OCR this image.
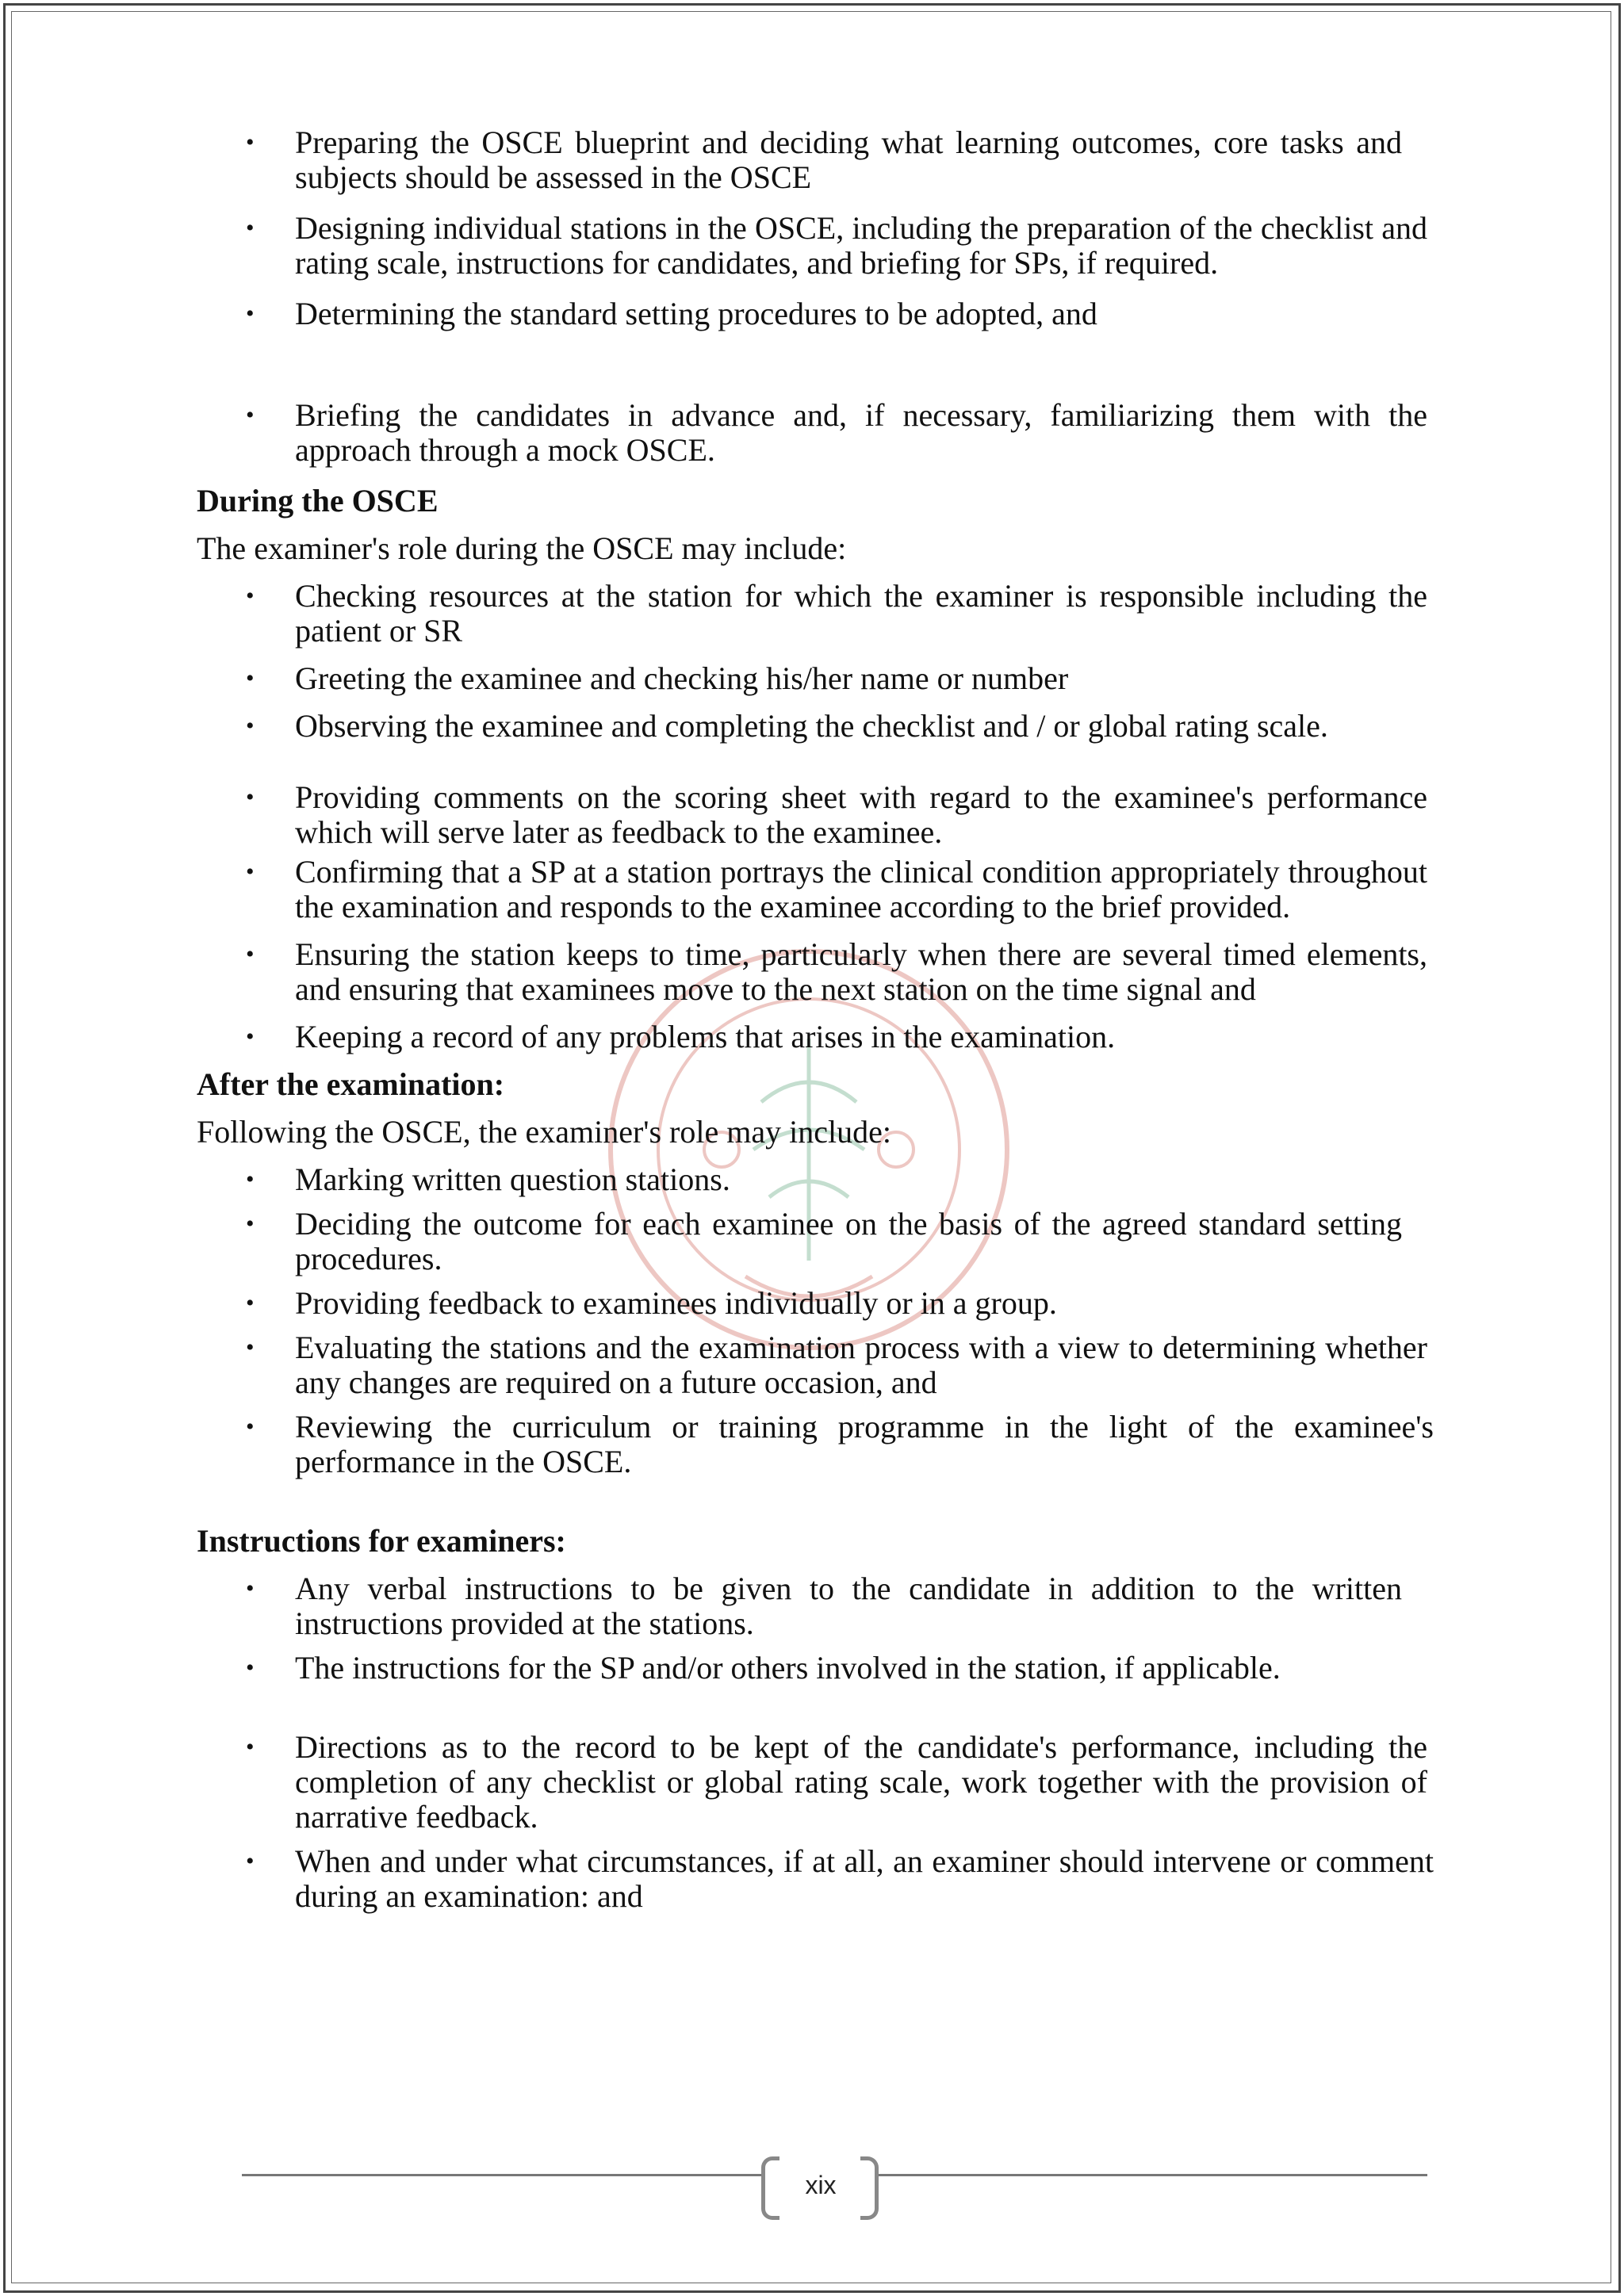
• Preparing the OSCE blueprint and deciding what learning outcomes, core tasks and subjects should be assessed in the OSCE
• Designing individual stations in the OSCE, including the preparation of the checklist and rating scale, instructions for candidates, and briefing for SPs, if required.
• Determining the standard setting procedures to be adopted, and
• Briefing the candidates in advance and, if necessary, familiarizing them with the approach through a mock OSCE.

During the OSCE

The examiner's role during the OSCE may include:

• Checking resources at the station for which the examiner is responsible including the patient or SR
• Greeting the examinee and checking his/her name or number
• Observing the examinee and completing the checklist and / or global rating scale.
• Providing comments on the scoring sheet with regard to the examinee's performance which will serve later as feedback to the examinee.
• Confirming that a SP at a station portrays the clinical condition appropriately throughout the examination and responds to the examinee according to the brief provided.
• Ensuring the station keeps to time, particularly when there are several timed elements, and ensuring that examinees move to the next station on the time signal and
• Keeping a record of any problems that arises in the examination.

After the examination:

Following the OSCE, the examiner's role may include:

• Marking written question stations.
• Deciding the outcome for each examinee on the basis of the agreed standard setting procedures.
• Providing feedback to examinees individually or in a group.
• Evaluating the stations and the examination process with a view to determining whether any changes are required on a future occasion, and
• Reviewing the curriculum or training programme in the light of the examinee's performance in the OSCE.

Instructions for examiners:

• Any verbal instructions to be given to the candidate in addition to the written instructions provided at the stations.
• The instructions for the SP and/or others involved in the station, if applicable.
• Directions as to the record to be kept of the candidate's performance, including the completion of any checklist or global rating scale, work together with the provision of narrative feedback.
• When and under what circumstances, if at all, an examiner should intervene or comment during an examination: and
xix
